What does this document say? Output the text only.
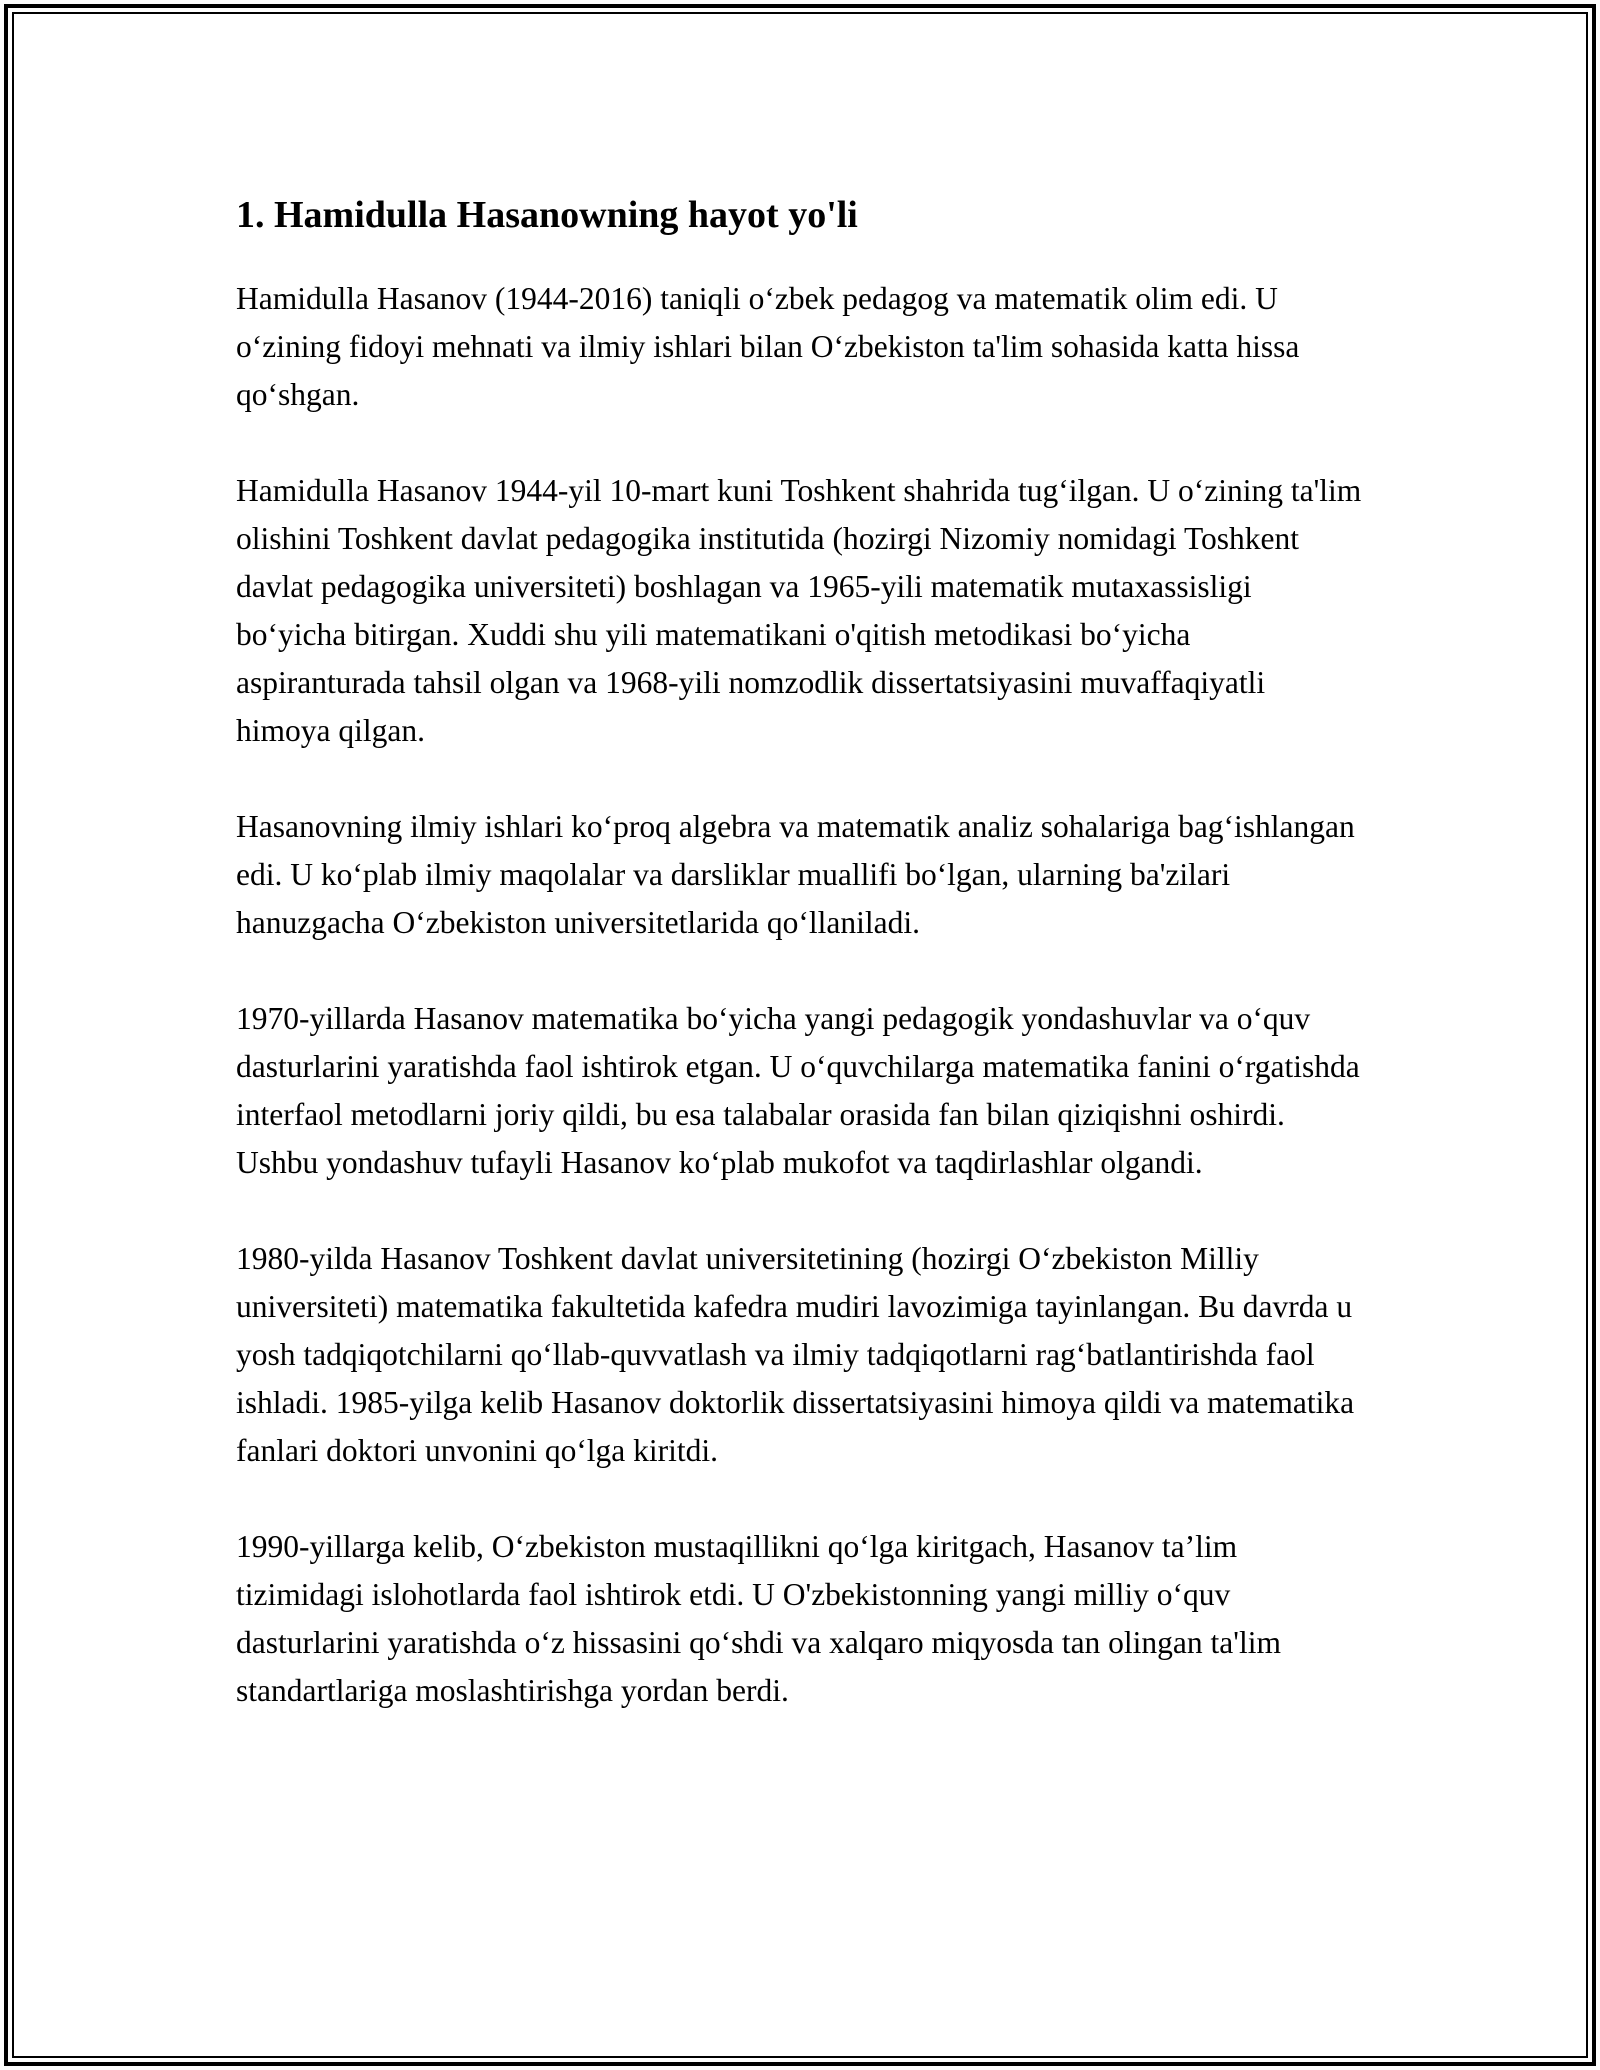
1. Hamidulla Hasanowning hayot yo'li

Hamidulla Hasanov (1944-2016) taniqli o‘zbek pedagog va matematik olim edi. U o‘zining fidoyi mehnati va ilmiy ishlari bilan O‘zbekiston ta'lim sohasida katta hissa qo‘shgan.

Hamidulla Hasanov 1944-yil 10-mart kuni Toshkent shahrida tug‘ilgan. U o‘zining ta'lim olishini Toshkent davlat pedagogika institutida (hozirgi Nizomiy nomidagi Toshkent davlat pedagogika universiteti) boshlagan va 1965-yili matematik mutaxassisligi bo‘yicha bitirgan. Xuddi shu yili matematikani o'qitish metodikasi bo‘yicha aspiranturada tahsil olgan va 1968-yili nomzodlik dissertatsiyasini muvaffaqiyatli himoya qilgan.

Hasanovning ilmiy ishlari ko‘proq algebra va matematik analiz sohalariga bag‘ishlangan edi. U ko‘plab ilmiy maqolalar va darsliklar muallifi bo‘lgan, ularning ba'zilari hanuzgacha O‘zbekiston universitetlarida qo‘llaniladi.

1970-yillarda Hasanov matematika bo‘yicha yangi pedagogik yondashuvlar va o‘quv dasturlarini yaratishda faol ishtirok etgan. U o‘quvchilarga matematika fanini o‘rgatishda interfaol metodlarni joriy qildi, bu esa talabalar orasida fan bilan qiziqishni oshirdi. Ushbu yondashuv tufayli Hasanov ko‘plab mukofot va taqdirlashlar olgandi.

1980-yilda Hasanov Toshkent davlat universitetining (hozirgi O‘zbekiston Milliy universiteti) matematika fakultetida kafedra mudiri lavozimiga tayinlangan. Bu davrda u yosh tadqiqotchilarni qo‘llab-quvvatlash va ilmiy tadqiqotlarni rag‘batlantirishda faol ishladi. 1985-yilga kelib Hasanov doktorlik dissertatsiyasini himoya qildi va matematika fanlari doktori unvonini qo‘lga kiritdi.

1990-yillarga kelib, O‘zbekiston mustaqillikni qo‘lga kiritgach, Hasanov ta’lim tizimidagi islohotlarda faol ishtirok etdi. U O'zbekistonning yangi milliy o‘quv dasturlarini yaratishda o‘z hissasini qo‘shdi va xalqaro miqyosda tan olingan ta'lim standartlariga moslashtirishga yordan berdi.
